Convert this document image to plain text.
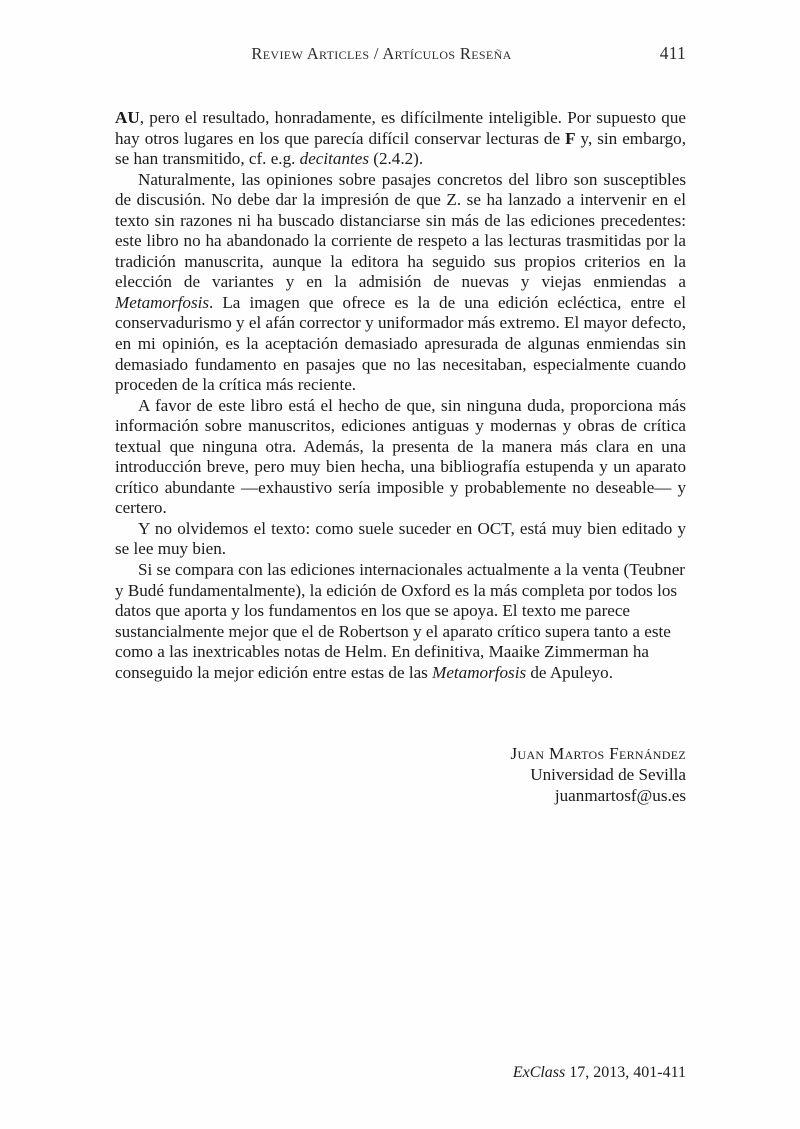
Review Articles / Artículos Reseña	411

AU, pero el resultado, honradamente, es difícilmente inteligible. Por supuesto que hay otros lugares en los que parecía difícil conservar lecturas de F y, sin embargo, se han transmitido, cf. e.g. decitantes (2.4.2).

Naturalmente, las opiniones sobre pasajes concretos del libro son susceptibles de discusión. No debe dar la impresión de que Z. se ha lanzado a intervenir en el texto sin razones ni ha buscado distanciarse sin más de las ediciones precedentes: este libro no ha abandonado la corriente de respeto a las lecturas trasmitidas por la tradición manuscrita, aunque la editora ha seguido sus propios criterios en la elección de variantes y en la admisión de nuevas y viejas enmiendas a Metamorfosis. La imagen que ofrece es la de una edición ecléctica, entre el conservadurismo y el afán corrector y uniformador más extremo. El mayor defecto, en mi opinión, es la aceptación demasiado apresurada de algunas enmiendas sin demasiado fundamento en pasajes que no las necesitaban, especialmente cuando proceden de la crítica más reciente.

A favor de este libro está el hecho de que, sin ninguna duda, proporciona más información sobre manuscritos, ediciones antiguas y modernas y obras de crítica textual que ninguna otra. Además, la presenta de la manera más clara en una introducción breve, pero muy bien hecha, una bibliografía estupenda y un aparato crítico abundante —exhaustivo sería imposible y probablemente no deseable— y certero.

Y no olvidemos el texto: como suele suceder en OCT, está muy bien editado y se lee muy bien.

Si se compara con las ediciones internacionales actualmente a la venta (Teubner y Budé fundamentalmente), la edición de Oxford es la más completa por todos los datos que aporta y los fundamentos en los que se apoya. El texto me parece sustancialmente mejor que el de Robertson y el aparato crítico supera tanto a este como a las inextricables notas de Helm. En definitiva, Maaike Zimmerman ha conseguido la mejor edición entre estas de las Metamorfosis de Apuleyo.

Juan Martos Fernández
Universidad de Sevilla
juanmartosf@us.es
ExClass 17, 2013, 401-411
